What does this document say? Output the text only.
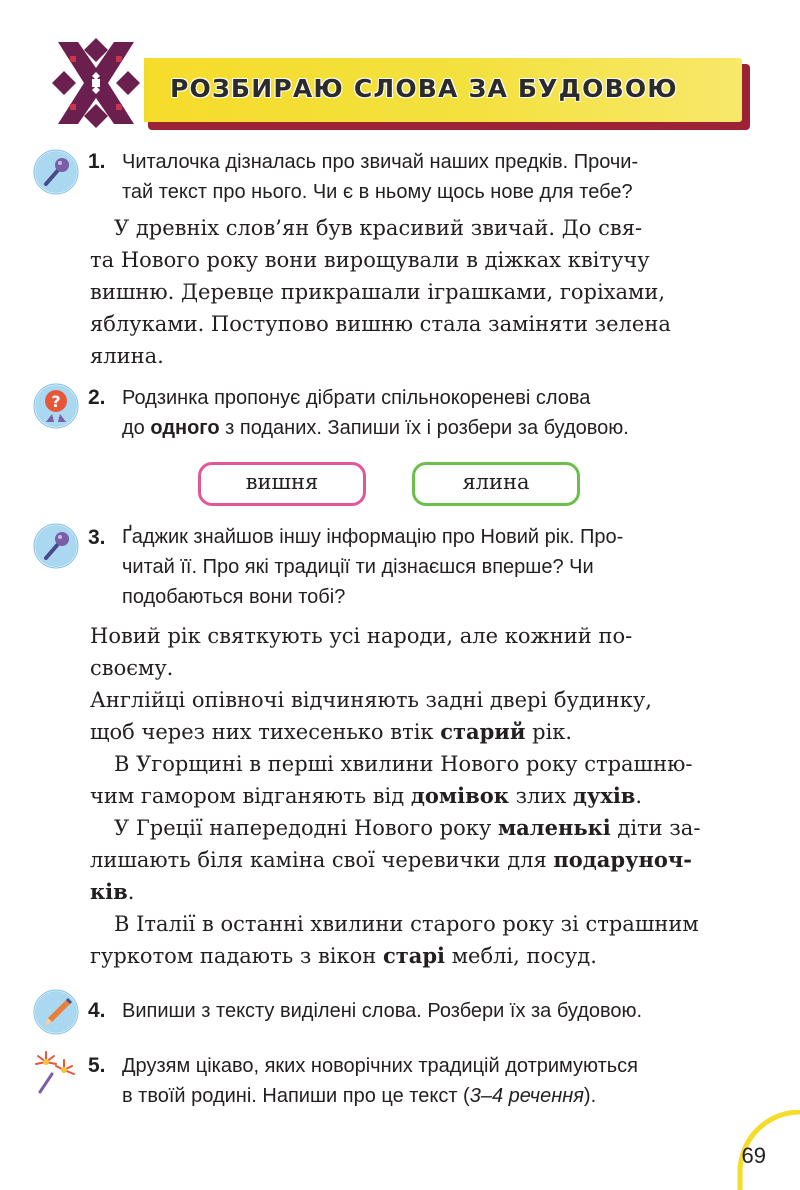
РОЗБИРАЮ СЛОВА ЗА БУДОВОЮ
1. Читалочка дізналась про звичай наших предків. Прочи-
тай текст про нього. Чи є в ньому щось нове для тебе?
У древніх слов’ян був красивий звичай. До свя-
та Нового року вони вирощували в діжках квітучу
вишню. Деревце прикрашали іграшками, горіхами,
яблуками. Поступово вишню стала заміняти зелена
ялина.
? 2. Родзинка пропонує дібрати спільнокореневі слова
до одного з поданих. Запиши їх і розбери за будовою.
вишня	ялина
3. Ґаджик знайшов іншу інформацію про Новий рік. Про-
читай її. Про які традиції ти дізнаєшся вперше? Чи
подобаються вони тобі?
Новий рік святкують усі народи, але кожний по-
своєму.
Англійці опівночі відчиняють задні двері будинку,
щоб через них тихесенько втік старий рік.
В Угорщині в перші хвилини Нового року страшню-
чим гамором відганяють від домівок злих духів.
У Греції напередодні Нового року маленькі діти за-
лишають біля каміна свої черевички для подаруноч-
ків.
В Італії в останні хвилини старого року зі страшним
гуркотом падають з вікон старі меблі, посуд.
4. Випиши з тексту виділені слова. Розбери їх за будовою.
5. Друзям цікаво, яких новорічних традицій дотримуються
в твоїй родині. Напиши про це текст (3–4 речення).
69
